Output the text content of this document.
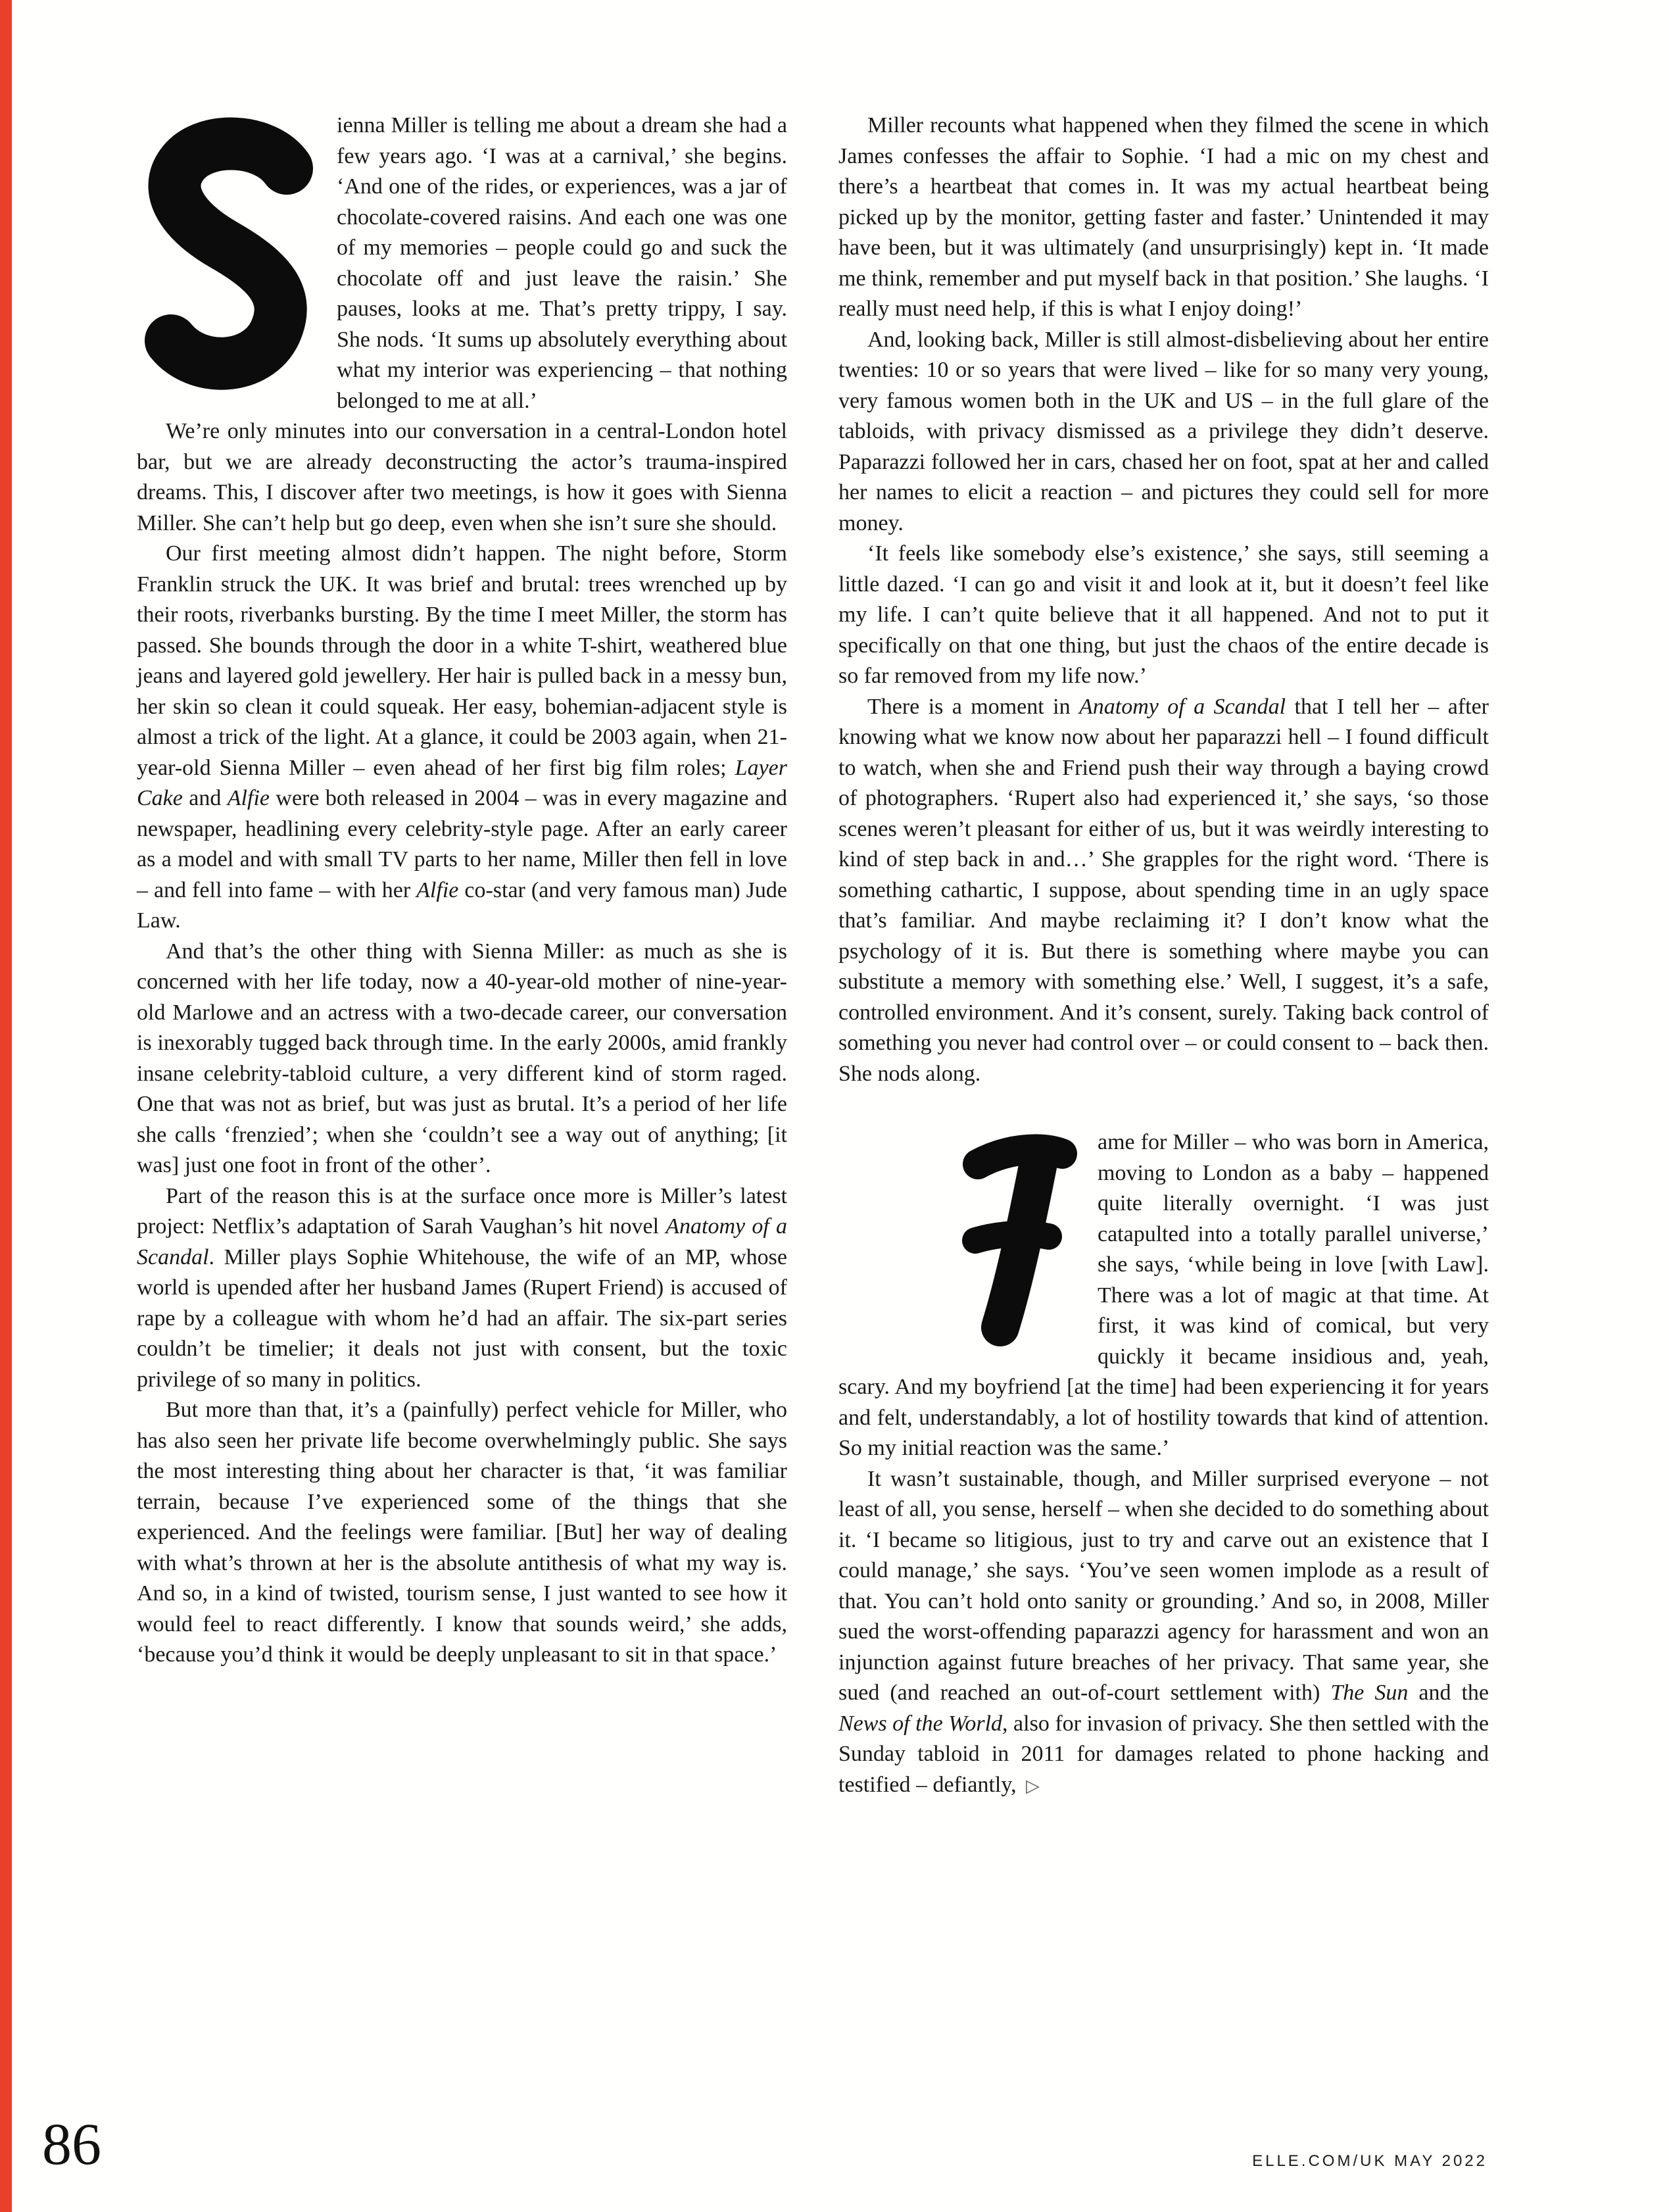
ienna Miller is telling me about a dream she had a few years ago. ‘I was at a carnival,’ she begins. ‘And one of the rides, or experiences, was a jar of chocolate-covered raisins. And each one was one of my memories – people could go and suck the chocolate off and just leave the raisin.’ She pauses, looks at me. That’s pretty trippy, I say. She nods. ‘It sums up absolutely everything about what my interior was experiencing – that nothing belonged to me at all.’

We’re only minutes into our conversation in a central-London hotel bar, but we are already deconstructing the actor’s trauma-inspired dreams. This, I discover after two meetings, is how it goes with Sienna Miller. She can’t help but go deep, even when she isn’t sure she should.

Our first meeting almost didn’t happen. The night before, Storm Franklin struck the UK. It was brief and brutal: trees wrenched up by their roots, riverbanks bursting. By the time I meet Miller, the storm has passed. She bounds through the door in a white T-shirt, weathered blue jeans and layered gold jewellery. Her hair is pulled back in a messy bun, her skin so clean it could squeak. Her easy, bohemian-adjacent style is almost a trick of the light. At a glance, it could be 2003 again, when 21-year-old Sienna Miller – even ahead of her first big film roles; Layer Cake and Alfie were both released in 2004 – was in every magazine and newspaper, headlining every celebrity-style page. After an early career as a model and with small TV parts to her name, Miller then fell in love – and fell into fame – with her Alfie co-star (and very famous man) Jude Law.

And that’s the other thing with Sienna Miller: as much as she is concerned with her life today, now a 40-year-old mother of nine-year-old Marlowe and an actress with a two-decade career, our conversation is inexorably tugged back through time. In the early 2000s, amid frankly insane celebrity-tabloid culture, a very different kind of storm raged. One that was not as brief, but was just as brutal. It’s a period of her life she calls ‘frenzied’; when she ‘couldn’t see a way out of anything; [it was] just one foot in front of the other’.

Part of the reason this is at the surface once more is Miller’s latest project: Netflix’s adaptation of Sarah Vaughan’s hit novel Anatomy of a Scandal. Miller plays Sophie Whitehouse, the wife of an MP, whose world is upended after her husband James (Rupert Friend) is accused of rape by a colleague with whom he’d had an affair. The six-part series couldn’t be timelier; it deals not just with consent, but the toxic privilege of so many in politics.

But more than that, it’s a (painfully) perfect vehicle for Miller, who has also seen her private life become overwhelmingly public. She says the most interesting thing about her character is that, ‘it was familiar terrain, because I’ve experienced some of the things that she experienced. And the feelings were familiar. [But] her way of dealing with what’s thrown at her is the absolute antithesis of what my way is. And so, in a kind of twisted, tourism sense, I just wanted to see how it would feel to react differently. I know that sounds weird,’ she adds, ‘because you’d think it would be deeply unpleasant to sit in that space.’

Miller recounts what happened when they filmed the scene in which James confesses the affair to Sophie. ‘I had a mic on my chest and there’s a heartbeat that comes in. It was my actual heartbeat being picked up by the monitor, getting faster and faster.’ Unintended it may have been, but it was ultimately (and unsurprisingly) kept in. ‘It made me think, remember and put myself back in that position.’ She laughs. ‘I really must need help, if this is what I enjoy doing!’

And, looking back, Miller is still almost-disbelieving about her entire twenties: 10 or so years that were lived – like for so many very young, very famous women both in the UK and US – in the full glare of the tabloids, with privacy dismissed as a privilege they didn’t deserve. Paparazzi followed her in cars, chased her on foot, spat at her and called her names to elicit a reaction – and pictures they could sell for more money.

‘It feels like somebody else’s existence,’ she says, still seeming a little dazed. ‘I can go and visit it and look at it, but it doesn’t feel like my life. I can’t quite believe that it all happened. And not to put it specifically on that one thing, but just the chaos of the entire decade is so far removed from my life now.’

There is a moment in Anatomy of a Scandal that I tell her – after knowing what we know now about her paparazzi hell – I found difficult to watch, when she and Friend push their way through a baying crowd of photographers. ‘Rupert also had experienced it,’ she says, ‘so those scenes weren’t pleasant for either of us, but it was weirdly interesting to kind of step back in and…’ She grapples for the right word. ‘There is something cathartic, I suppose, about spending time in an ugly space that’s familiar. And maybe reclaiming it? I don’t know what the psychology of it is. But there is something where maybe you can substitute a memory with something else.’ Well, I suggest, it’s a safe, controlled environment. And it’s consent, surely. Taking back control of something you never had control over – or could consent to – back then. She nods along.

ame for Miller – who was born in America, moving to London as a baby – happened quite literally overnight. ‘I was just catapulted into a totally parallel universe,’ she says, ‘while being in love [with Law]. There was a lot of magic at that time. At first, it was kind of comical, but very quickly it became insidious and, yeah, scary. And my boyfriend [at the time] had been experiencing it for years and felt, understandably, a lot of hostility towards that kind of attention. So my initial reaction was the same.’

It wasn’t sustainable, though, and Miller surprised everyone – not least of all, you sense, herself – when she decided to do something about it. ‘I became so litigious, just to try and carve out an existence that I could manage,’ she says. ‘You’ve seen women implode as a result of that. You can’t hold onto sanity or grounding.’ And so, in 2008, Miller sued the worst-offending paparazzi agency for harassment and won an injunction against future breaches of her privacy. That same year, she sued (and reached an out-of-court settlement with) The Sun and the News of the World, also for invasion of privacy. She then settled with the Sunday tabloid in 2011 for damages related to phone hacking and testified – defiantly, ▷

86	ELLE.COM/UK MAY 2022
